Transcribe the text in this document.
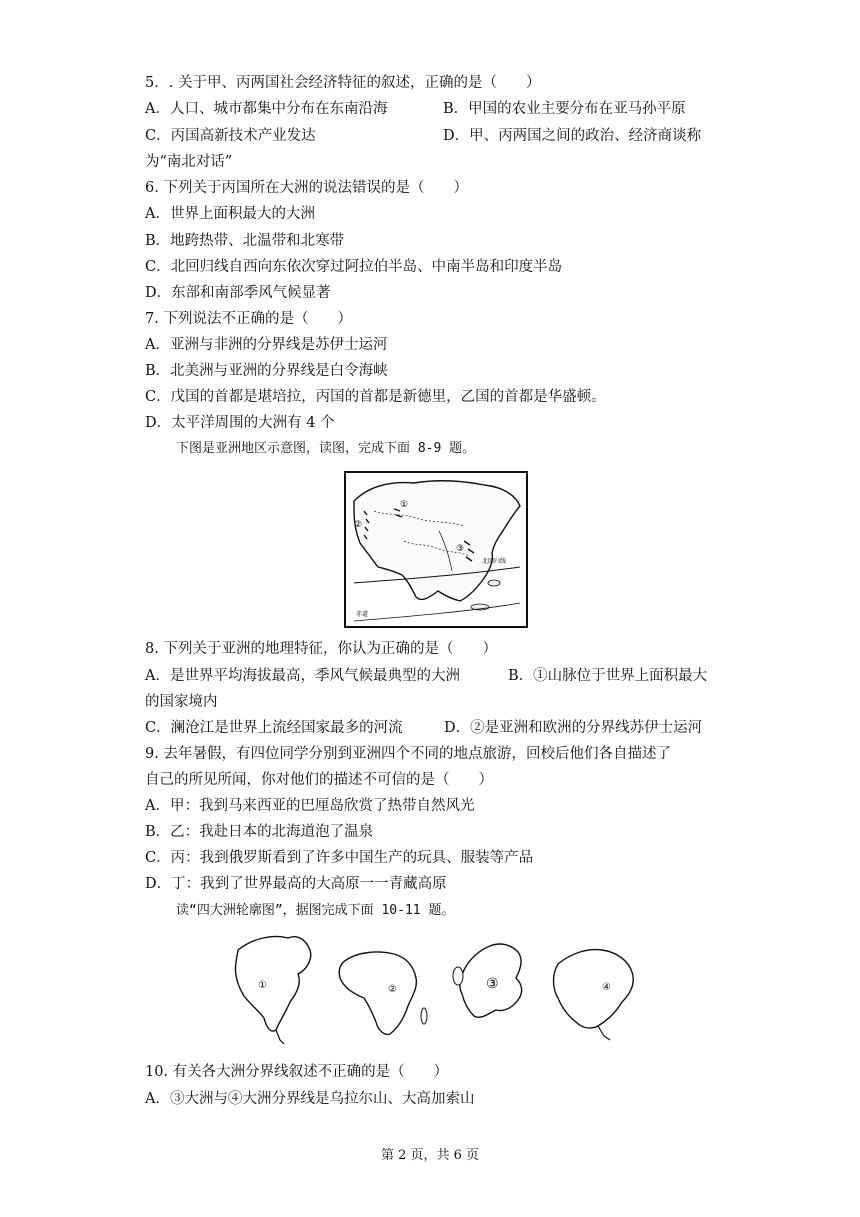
5．. 关于甲、丙两国社会经济特征的叙述，正确的是（　　）
A．人口、城市都集中分布在东南沿海	B．甲国的农业主要分布在亚马孙平原
C．丙国高新技术产业发达	D．甲、丙两国之间的政治、经济商谈称
为“南北对话”
6. 下列关于丙国所在大洲的说法错误的是（　　）
A．世界上面积最大的大洲
B．地跨热带、北温带和北寒带
C．北回归线自西向东依次穿过阿拉伯半岛、中南半岛和印度半岛
D．东部和南部季风气候显著
7. 下列说法不正确的是（　　）
A．亚洲与非洲的分界线是苏伊士运河
B．北美洲与亚洲的分界线是白令海峡
C．戊国的首都是堪培拉，丙国的首都是新德里，乙国的首都是华盛顿。
D．太平洋周围的大洲有 4 个
下图是亚洲地区示意图，读图，完成下面 8-9 题。
北回归线
赤道
①
②
③
8. 下列关于亚洲的地理特征，你认为正确的是（　　）
A．是世界平均海拔最高，季风气候最典型的大洲	B．①山脉位于世界上面积最大
的国家境内
C．澜沧江是世界上流经国家最多的河流	D．②是亚洲和欧洲的分界线苏伊士运河
9. 去年暑假，有四位同学分别到亚洲四个不同的地点旅游，回校后他们各自描述了
自己的所见所闻，你对他们的描述不可信的是（　　）
A．甲：我到马来西亚的巴厘岛欣赏了热带自然风光
B．乙：我赴日本的北海道泡了温泉
C．丙：我到俄罗斯看到了许多中国生产的玩具、服装等产品
D．丁：我到了世界最高的大高原一一青藏高原
读“四大洲轮廓图”，据图完成下面 10-11 题。
①	②	③	④
10. 有关各大洲分界线叙述不正确的是（　　）
A．③大洲与④大洲分界线是乌拉尔山、大高加索山
第 2 页，共 6 页
